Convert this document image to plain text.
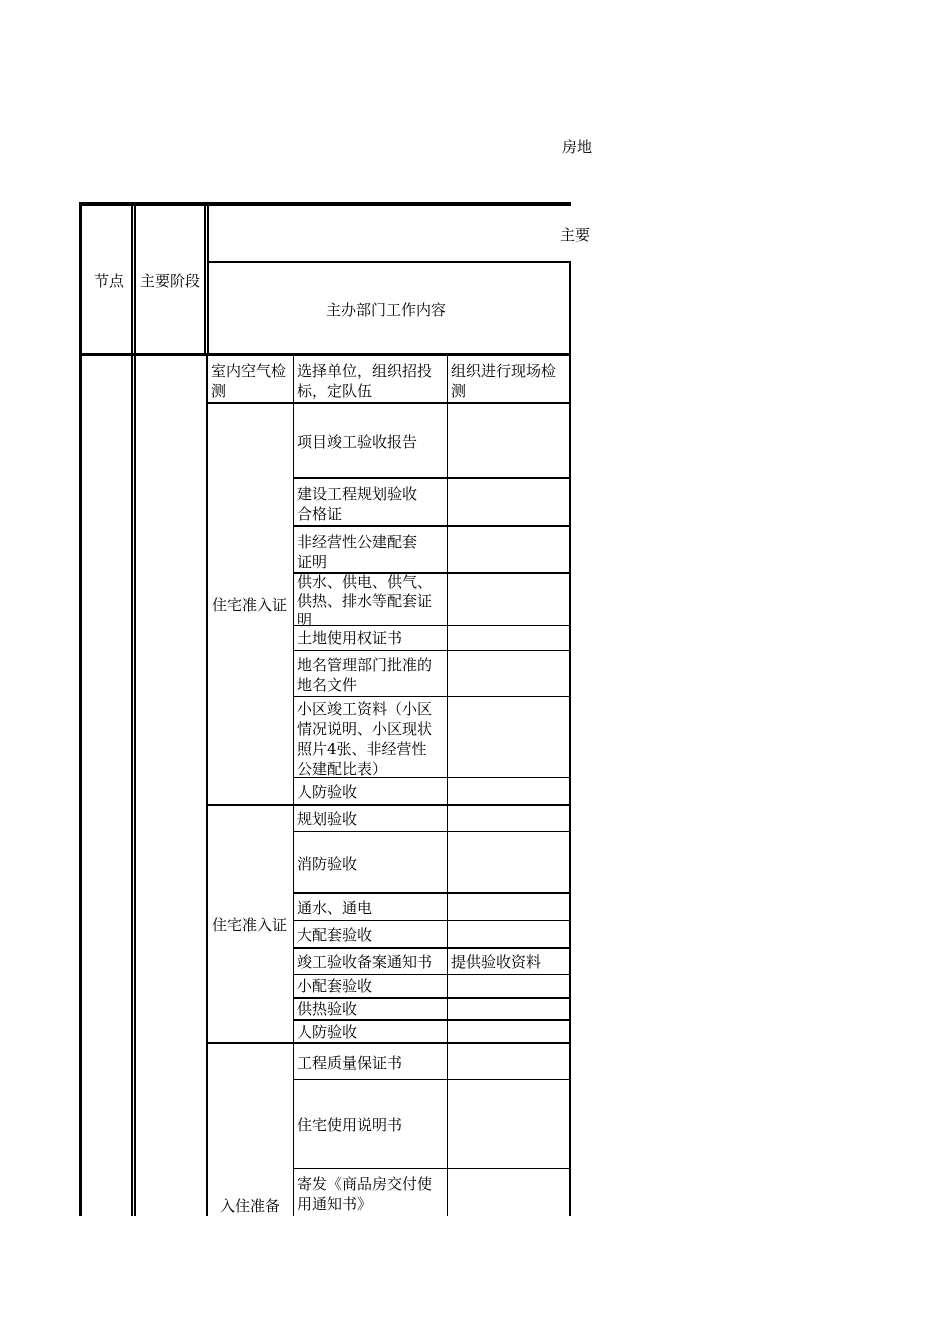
房地
节点 主要阶段
主要
主办部门工作内容
室内空气检
测
选择单位，组织招投
标，定队伍
组织进行现场检
测
住宅准入证
项目竣工验收报告
建设工程规划验收
合格证
非经营性公建配套
证明
供水、供电、供气、
供热、排水等配套证
明
土地使用权证书
地名管理部门批准的
地名文件
小区竣工资料（小区
情况说明、小区现状
照片4张、非经营性
公建配比表）
人防验收
住宅准入证
规划验收
消防验收
通水、通电
大配套验收
竣工验收备案通知书 提供验收资料
小配套验收
供热验收
人防验收
入住准备
工程质量保证书
住宅使用说明书
寄发《商品房交付使
用通知书》
